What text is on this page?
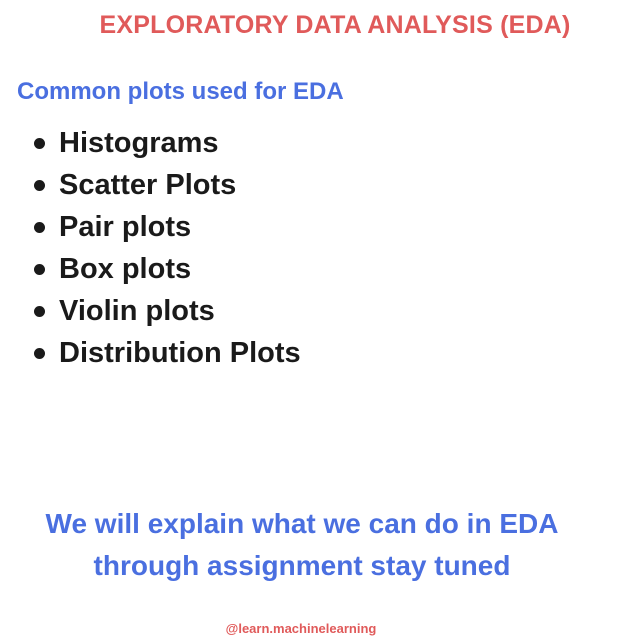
EXPLORATORY DATA ANALYSIS (EDA)
Common plots used for EDA
Histograms
Scatter Plots
Pair plots
Box plots
Violin plots
Distribution Plots
We will explain what we can do in EDA
through assignment stay tuned
@learn.machinelearning
